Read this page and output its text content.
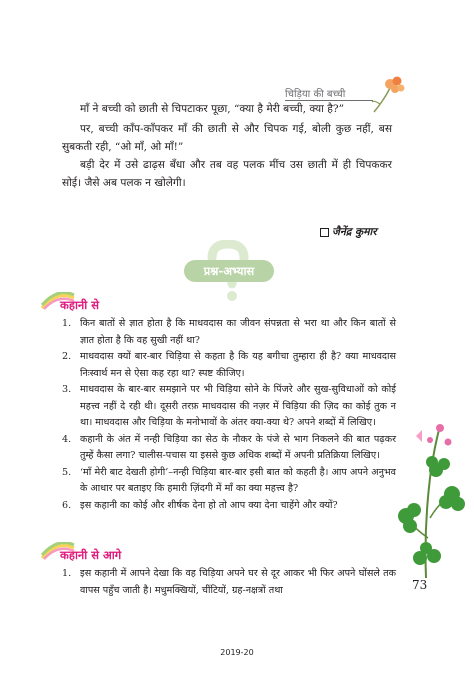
चिड़िया की बच्ची

माँ ने बच्ची को छाती से चिपटाकर पूछा, “क्या है मेरी बच्ची, क्या है?”

पर, बच्ची काँप-काँपकर माँ की छाती से और चिपक गई, बोली कुछ नहीं, बस सुबकती रही, “ओ माँ, ओ माँ!”

बड़ी देर में उसे ढाढ़स बँधा और तब वह पलक मींच उस छाती में ही चिपककर सोई। जैसे अब पलक न खोलेगी।

जैनेंद्र कुमार
प्रश्न-अभ्यास
कहानी से
1. किन बातों से ज्ञात होता है कि माधवदास का जीवन संपन्नता से भरा था और किन बातों से ज्ञात होता है कि वह सुखी नहीं था?
2. माधवदास क्यों बार-बार चिड़िया से कहता है कि यह बगीचा तुम्हारा ही है? क्या माधवदास निःस्वार्थ मन से ऐसा कह रहा था? स्पष्ट कीजिए।
3. माधवदास के बार-बार समझाने पर भी चिड़िया सोने के पिंजरे और सुख-सुविधाओं को कोई महत्त्व नहीं दे रही थी। दूसरी तरफ़ माधवदास की नज़र में चिड़िया की ज़िद का कोई तुक न था। माधवदास और चिड़िया के मनोभावों के अंतर क्या-क्या थे? अपने शब्दों में लिखिए।
4. कहानी के अंत में नन्ही चिड़िया का सेठ के नौकर के पंजे से भाग निकलने की बात पढ़कर तुम्हें कैसा लगा? चालीस-पचास या इससे कुछ अधिक शब्दों में अपनी प्रतिक्रिया लिखिए।
5. ‘माँ मेरी बाट देखती होगी’–नन्ही चिड़िया बार-बार इसी बात को कहती है। आप अपने अनुभव के आधार पर बताइए कि हमारी ज़िंदगी में माँ का क्या महत्त्व है?
6. इस कहानी का कोई और शीर्षक देना हो तो आप क्या देना चाहेंगे और क्यों?
कहानी से आगे
1. इस कहानी में आपने देखा कि वह चिड़िया अपने घर से दूर आकर भी फिर अपने घोंसले तक वापस पहुँच जाती है। मधुमक्खियों, चींटियों, ग्रह-नक्षत्रों तथा	73
2019-20
